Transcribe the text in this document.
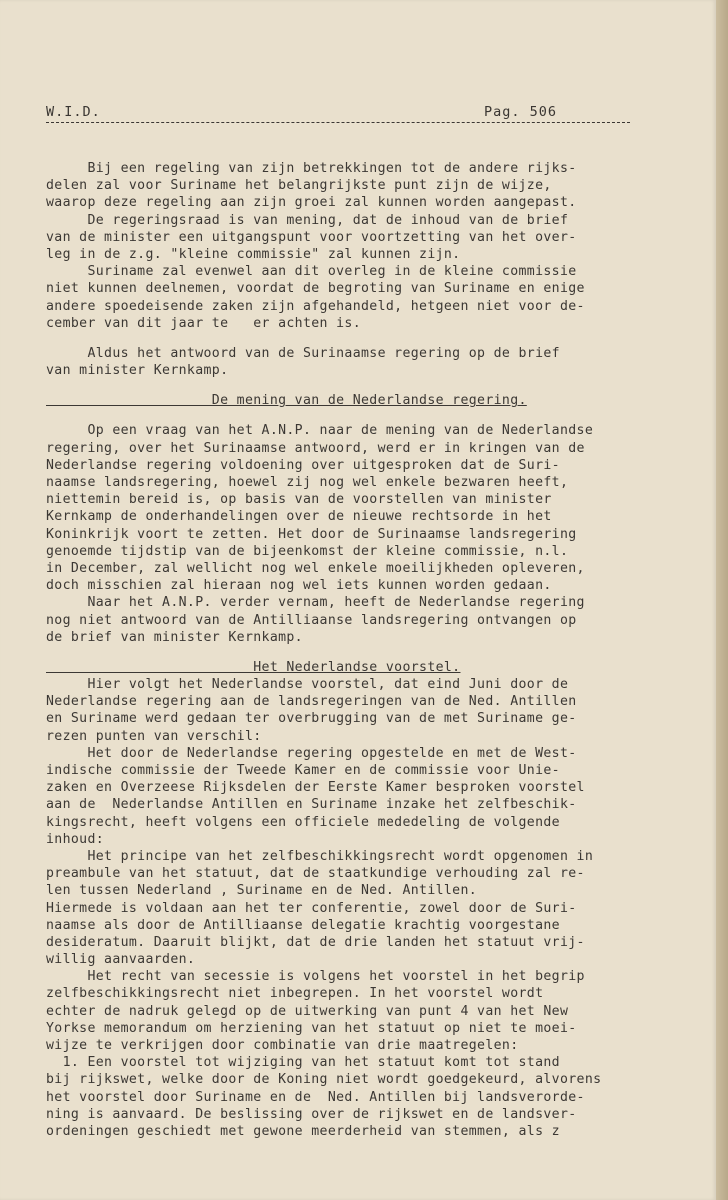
W.I.D.	Pag. 506
Bij een regeling van zijn betrekkingen tot de andere rijks-
delen zal voor Suriname het belangrijkste punt zijn de wijze,
waarop deze regeling aan zijn groei zal kunnen worden aangepast.
De regeringsraad is van mening, dat de inhoud van de brief
van de minister een uitgangspunt voor voortzetting van het over-
leg in de z.g. "kleine commissie" zal kunnen zijn.
Suriname zal evenwel aan dit overleg in de kleine commissie
niet kunnen deelnemen, voordat de begroting van Suriname en enige
andere spoedeisende zaken zijn afgehandeld, hetgeen niet voor de-
cember van dit jaar te   er achten is.
Aldus het antwoord van de Surinaamse regering op de brief
van minister Kernkamp.
De mening van de Nederlandse regering.
Op een vraag van het A.N.P. naar de mening van de Nederlandse
regering, over het Surinaamse antwoord, werd er in kringen van de
Nederlandse regering voldoening over uitgesproken dat de Suri-
naamse landsregering, hoewel zij nog wel enkele bezwaren heeft,
niettemin bereid is, op basis van de voorstellen van minister
Kernkamp de onderhandelingen over de nieuwe rechtsorde in het
Koninkrijk voort te zetten. Het door de Surinaamse landsregering
genoemde tijdstip van de bijeenkomst der kleine commissie, n.l.
in December, zal wellicht nog wel enkele moeilijkheden opleveren,
doch misschien zal hieraan nog wel iets kunnen worden gedaan.
Naar het A.N.P. verder vernam, heeft de Nederlandse regering
nog niet antwoord van de Antilliaanse landsregering ontvangen op
de brief van minister Kernkamp.
Het Nederlandse voorstel.
Hier volgt het Nederlandse voorstel, dat eind Juni door de
Nederlandse regering aan de landsregeringen van de Ned. Antillen
en Suriname werd gedaan ter overbrugging van de met Suriname ge-
rezen punten van verschil:
Het door de Nederlandse regering opgestelde en met de West-
indische commissie der Tweede Kamer en de commissie voor Unie-
zaken en Overzeese Rijksdelen der Eerste Kamer besproken voorstel
aan de  Nederlandse Antillen en Suriname inzake het zelfbeschik-
kingsrecht, heeft volgens een officiele mededeling de volgende
inhoud:
Het principe van het zelfbeschikkingsrecht wordt opgenomen in
preambule van het statuut, dat de staatkundige verhouding zal re-
len tussen Nederland , Suriname en de Ned. Antillen.
Hiermede is voldaan aan het ter conferentie, zowel door de Suri-
naamse als door de Antilliaanse delegatie krachtig voorgestane
desideratum. Daaruit blijkt, dat de drie landen het statuut vrij-
willig aanvaarden.
Het recht van secessie is volgens het voorstel in het begrip
zelfbeschikkingsrecht niet inbegrepen. In het voorstel wordt
echter de nadruk gelegd op de uitwerking van punt 4 van het New
Yorkse memorandum om herziening van het statuut op niet te moei-
wijze te verkrijgen door combinatie van drie maatregelen:
1. Een voorstel tot wijziging van het statuut komt tot stand
bij rijkswet, welke door de Koning niet wordt goedgekeurd, alvorens
het voorstel door Suriname en de  Ned. Antillen bij landsverorde-
ning is aanvaard. De beslissing over de rijkswet en de landsver-
ordeningen geschiedt met gewone meerderheid van stemmen, als z
